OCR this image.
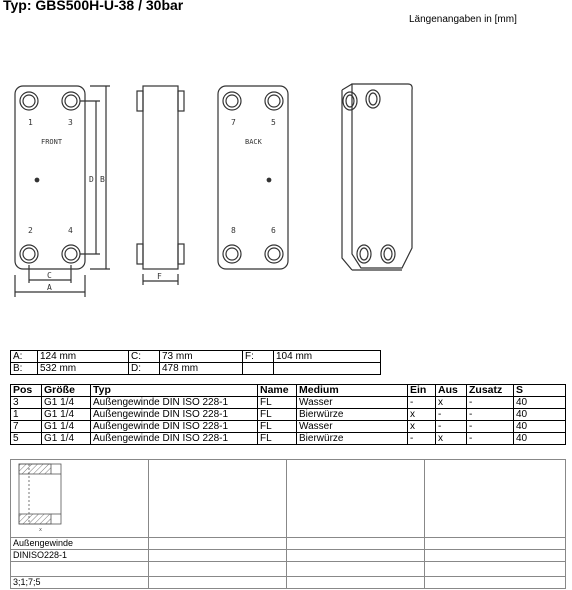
Typ: GBS500H-U-38 / 30bar
Längenangaben in [mm]
1	3
2	4
FRONT
7	5
8	6
BACK
A
C
B
D
F
A:	124 mm	C:	73 mm	F:	104 mm
B:	532 mm	D:	478 mm		
Pos	Größe	Typ	Name	Medium	Ein	Aus	Zusatz	S
3	G1 1/4	Außengewinde DIN ISO 228-1	FL	Wasser	-	x	-	40
1	G1 1/4	Außengewinde DIN ISO 228-1	FL	Bierwürze	x	-	-	40
7	G1 1/4	Außengewinde DIN ISO 228-1	FL	Wasser	x	-	-	40
5	G1 1/4	Außengewinde DIN ISO 228-1	FL	Bierwürze	-	x	-	40
x			

Außengewinde			
DINISO228-1			

3;1;7;5			
